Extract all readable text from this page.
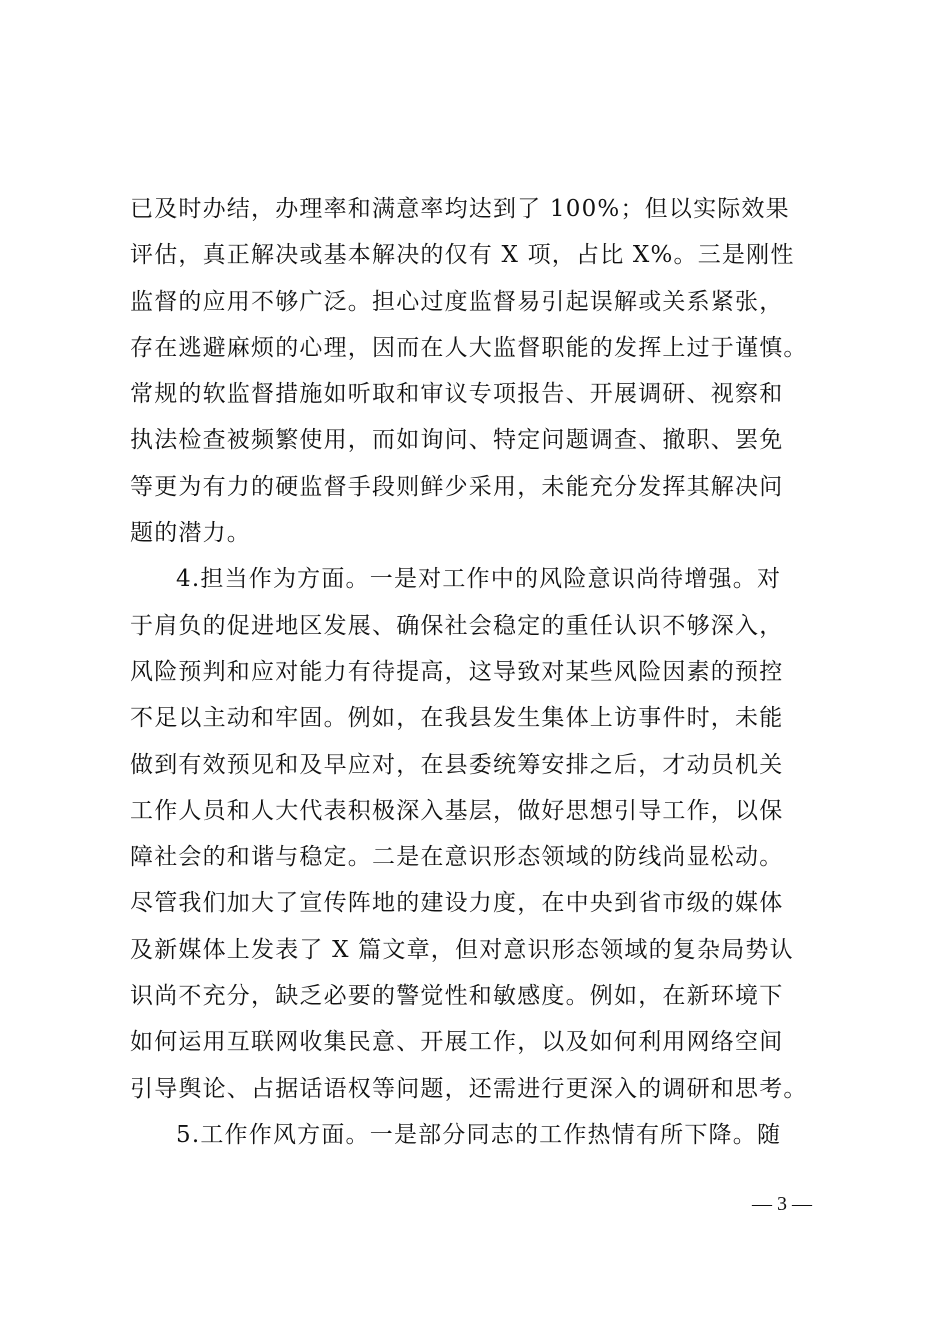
已及时办结，办理率和满意率均达到了 100%；但以实际效果
评估，真正解决或基本解决的仅有 X 项，占比 X%。三是刚性
监督的应用不够广泛。担心过度监督易引起误解或关系紧张，
存在逃避麻烦的心理，因而在人大监督职能的发挥上过于谨慎。
常规的软监督措施如听取和审议专项报告、开展调研、视察和
执法检查被频繁使用，而如询问、特定问题调查、撤职、罢免
等更为有力的硬监督手段则鲜少采用，未能充分发挥其解决问
题的潜力。
4.担当作为方面。一是对工作中的风险意识尚待增强。对
于肩负的促进地区发展、确保社会稳定的重任认识不够深入，
风险预判和应对能力有待提高，这导致对某些风险因素的预控
不足以主动和牢固。例如，在我县发生集体上访事件时，未能
做到有效预见和及早应对，在县委统筹安排之后，才动员机关
工作人员和人大代表积极深入基层，做好思想引导工作，以保
障社会的和谐与稳定。二是在意识形态领域的防线尚显松动。
尽管我们加大了宣传阵地的建设力度，在中央到省市级的媒体
及新媒体上发表了 X 篇文章，但对意识形态领域的复杂局势认
识尚不充分，缺乏必要的警觉性和敏感度。例如，在新环境下
如何运用互联网收集民意、开展工作，以及如何利用网络空间
引导舆论、占据话语权等问题，还需进行更深入的调研和思考。
5.工作作风方面。一是部分同志的工作热情有所下降。随
— 3 —
